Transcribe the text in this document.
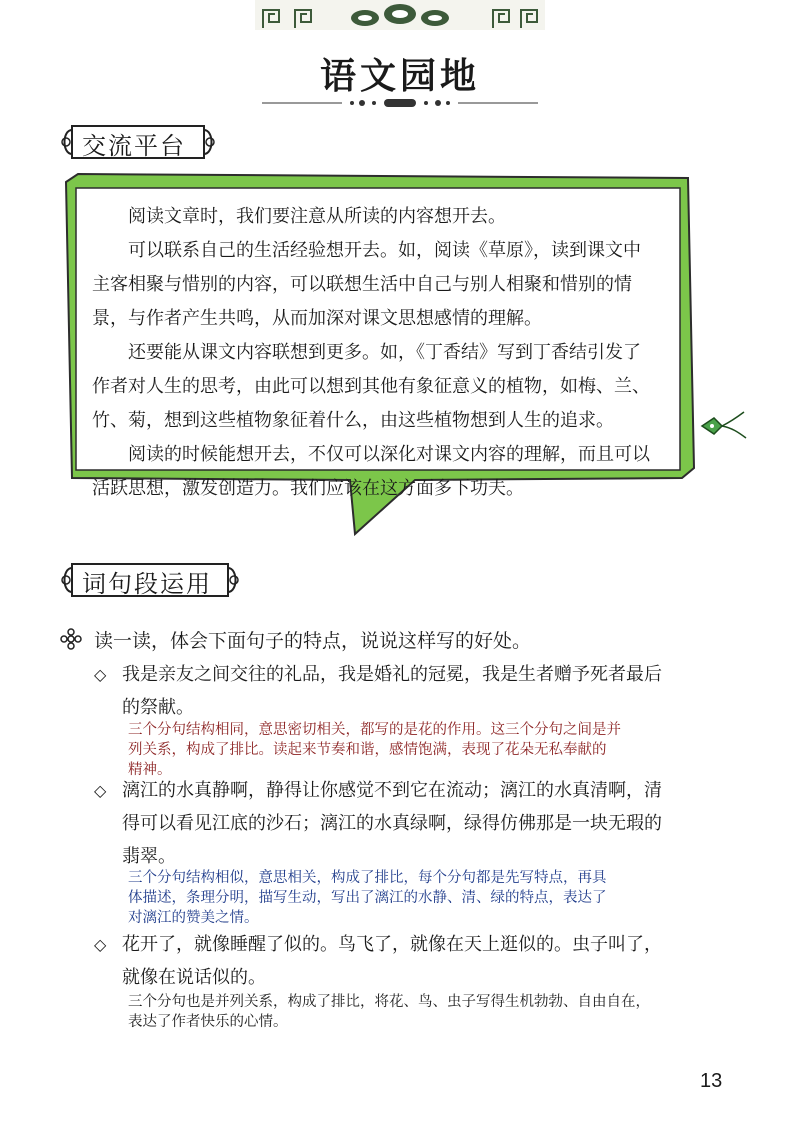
语文园地
交流平台

阅读文章时，我们要注意从所读的内容想开去。

可以联系自己的生活经验想开去。如，阅读《草原》，读到课文中

主客相聚与惜别的内容，可以联想生活中自己与别人相聚和惜别的情

景，与作者产生共鸣，从而加深对课文思想感情的理解。

还要能从课文内容联想到更多。如，《丁香结》写到丁香结引发了

作者对人生的思考，由此可以想到其他有象征意义的植物，如梅、兰、

竹、菊，想到这些植物象征着什么，由这些植物想到人生的追求。

阅读的时候能想开去，不仅可以深化对课文内容的理解，而且可以

活跃思想，激发创造力。我们应该在这方面多下功夫。

词句段运用
读一读，体会下面句子的特点，说说这样写的好处。
◇ 我是亲友之间交往的礼品，我是婚礼的冠冕，我是生者赠予死者最后
的祭献。
三个分句结构相同，意思密切相关，都写的是花的作用。这三个分句之间是并
列关系，构成了排比。读起来节奏和谐，感情饱满，表现了花朵无私奉献的
精神。
◇ 漓江的水真静啊，静得让你感觉不到它在流动；漓江的水真清啊，清
得可以看见江底的沙石；漓江的水真绿啊，绿得仿佛那是一块无瑕的
翡翠。
三个分句结构相似，意思相关，构成了排比，每个分句都是先写特点，再具
体描述，条理分明，描写生动，写出了漓江的水静、清、绿的特点，表达了
对漓江的赞美之情。
◇ 花开了，就像睡醒了似的。鸟飞了，就像在天上逛似的。虫子叫了，
就像在说话似的。
三个分句也是并列关系，构成了排比，将花、鸟、虫子写得生机勃勃、自由自在，
表达了作者快乐的心情。
13
